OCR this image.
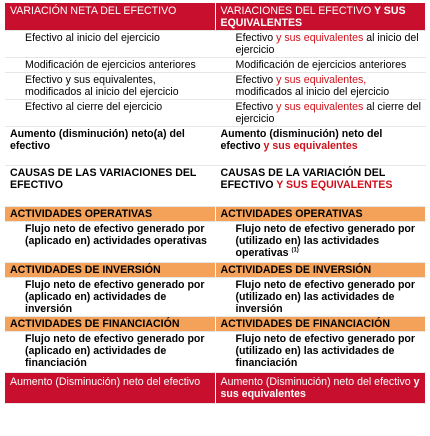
VARIACIÓN NETA DEL EFECTIVO	VARIACIONES DEL EFECTIVO Y SUS EQUIVALENTES
Efectivo al inicio del ejercicio	Efectivo y sus equivalentes al inicio del ejercicio
Modificación de ejercicios anteriores	Modificación de ejercicios anteriores
Efectivo y sus equivalentes, modificados al inicio del ejercicio	Efectivo y sus equivalentes, modificados al inicio del ejercicio
Efectivo al cierre del ejercicio	Efectivo y sus equivalentes al cierre del ejercicio
Aumento (disminución) neto(a) del efectivo	Aumento (disminución) neto del efectivo y sus equivalentes
CAUSAS DE LAS VARIACIONES DEL EFECTIVO	CAUSAS DE LA VARIACIÓN DEL EFECTIVO Y SUS EQUIVALENTES
ACTIVIDADES OPERATIVAS	ACTIVIDADES OPERATIVAS
Flujo neto de efectivo generado por (aplicado en) actividades operativas	Flujo neto de efectivo generado por (utilizado en) las actividades operativas $^{(1)}$
ACTIVIDADES DE INVERSIÓN	ACTIVIDADES DE INVERSIÓN
Flujo neto de efectivo generado por (aplicado en) actividades de inversión	Flujo neto de efectivo generado por (utilizado en) las actividades de inversión
ACTIVIDADES DE FINANCIACIÓN	ACTIVIDADES DE FINANCIACIÓN
Flujo neto de efectivo generado por (aplicado en) actividades de financiación	Flujo neto de efectivo generado por (utilizado en) las actividades de financiación
Aumento (Disminución) neto del efectivo	Aumento (Disminución) neto del efectivo y sus equivalentes
